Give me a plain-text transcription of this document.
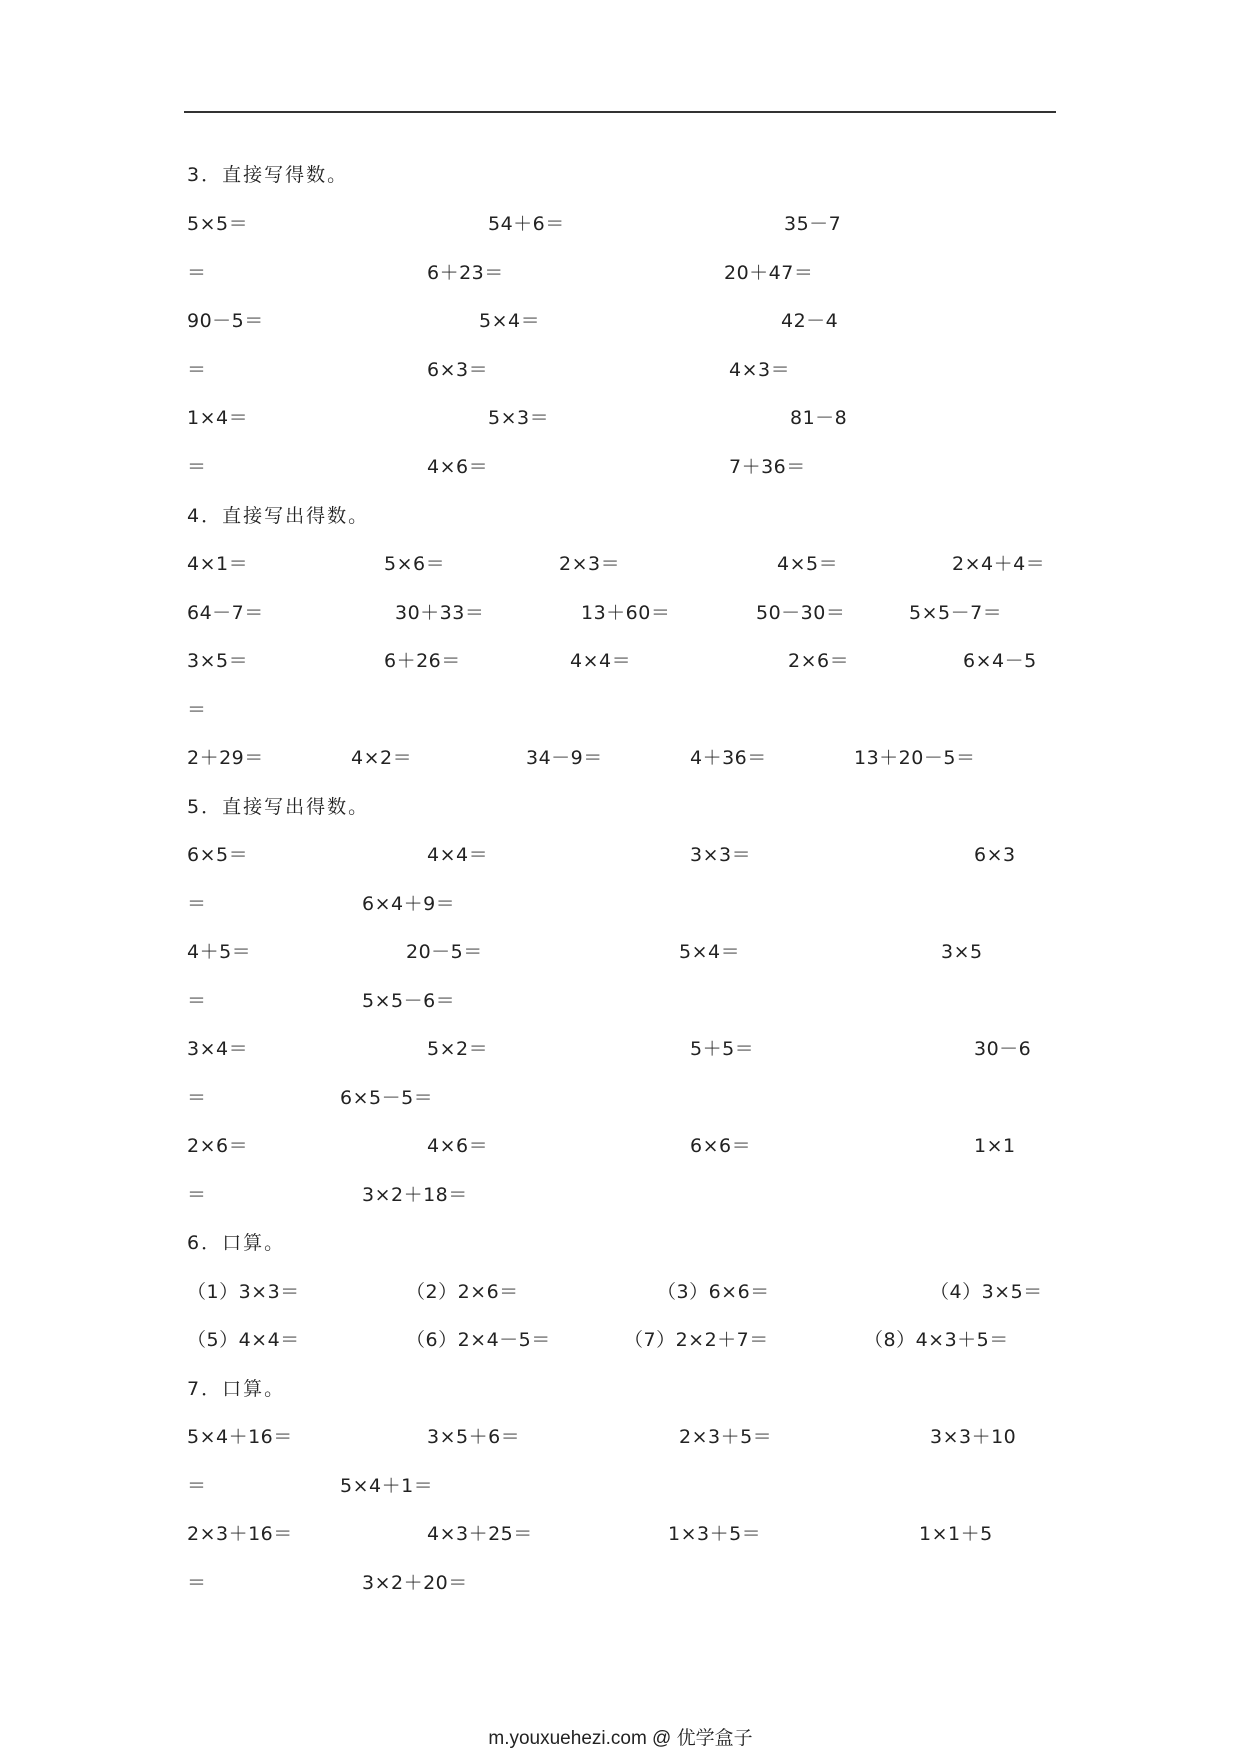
3．直接写得数。
5×5＝	54＋6＝	35－7
＝	6＋23＝	20＋47＝
90－5＝	5×4＝	42－4
＝	6×3＝	4×3＝
1×4＝	5×3＝	81－8
＝	4×6＝	7＋36＝
4．直接写出得数。
4×1＝	5×6＝	2×3＝	4×5＝	2×4＋4＝
64－7＝	30＋33＝	13＋60＝	50－30＝	5×5－7＝
3×5＝	6＋26＝	4×4＝	2×6＝	6×4－5
＝
2＋29＝	4×2＝	34－9＝	4＋36＝	13＋20－5＝
5．直接写出得数。
6×5＝	4×4＝	3×3＝	6×3
＝	6×4＋9＝
4＋5＝	20－5＝	5×4＝	3×5
＝	5×5－6＝
3×4＝	5×2＝	5＋5＝	30－6
＝	6×5－5＝
2×6＝	4×6＝	6×6＝	1×1
＝	3×2＋18＝
6．口算。
（1）3×3＝	（2）2×6＝	（3）6×6＝	（4）3×5＝
（5）4×4＝	（6）2×4－5＝	（7）2×2＋7＝	（8）4×3＋5＝
7．口算。
5×4＋16＝	3×5＋6＝	2×3＋5＝	3×3＋10
＝	5×4＋1＝
2×3＋16＝	4×3＋25＝	1×3＋5＝	1×1＋5
＝	3×2＋20＝
m.youxuehezi.com @ 优学盒子
